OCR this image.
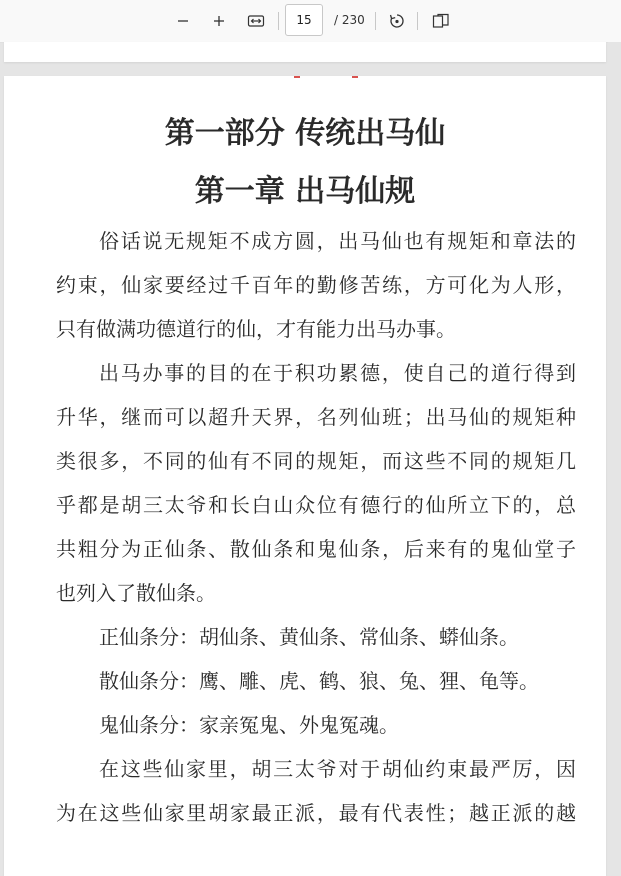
15
/ 230
第一部分 传统出马仙
第一章 出马仙规
俗话说无规矩不成方圆，出马仙也有规矩和章法的
约束，仙家要经过千百年的勤修苦练，方可化为人形，
只有做满功德道行的仙，才有能力出马办事。
出马办事的目的在于积功累德，使自己的道行得到
升华，继而可以超升天界，名列仙班；出马仙的规矩种
类很多，不同的仙有不同的规矩，而这些不同的规矩几
乎都是胡三太爷和长白山众位有德行的仙所立下的，总
共粗分为正仙条、散仙条和鬼仙条，后来有的鬼仙堂子
也列入了散仙条。
正仙条分：胡仙条、黄仙条、常仙条、蟒仙条。
散仙条分：鹰、雕、虎、鹤、狼、兔、狸、龟等。
鬼仙条分：家亲冤鬼、外鬼冤魂。
在这些仙家里，胡三太爷对于胡仙约束最严厉，因
为在这些仙家里胡家最正派，最有代表性；越正派的越
